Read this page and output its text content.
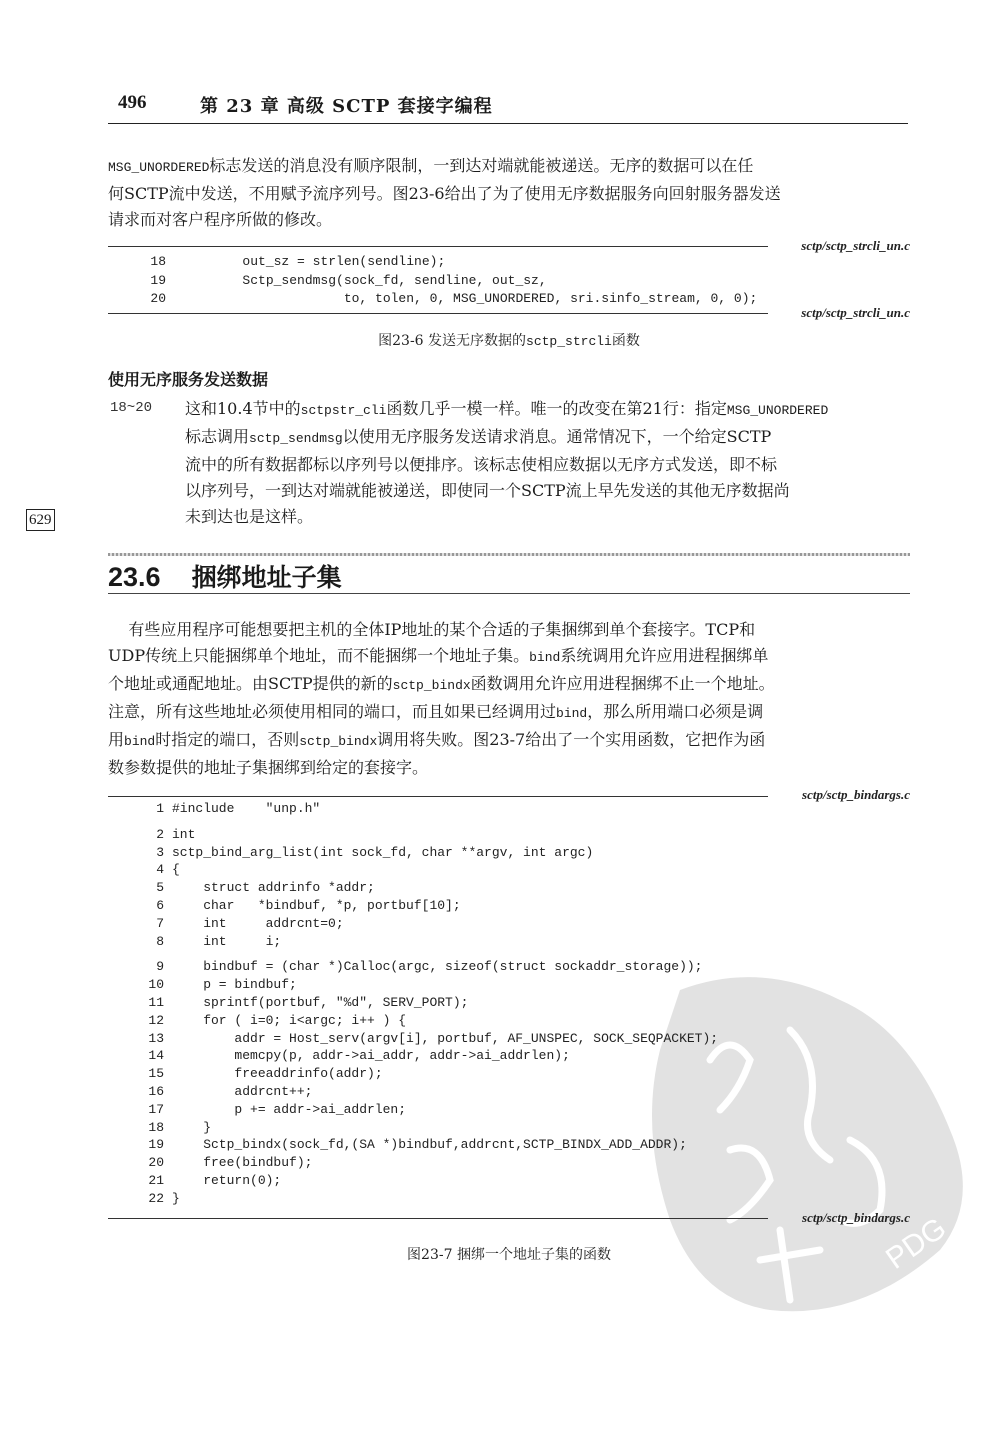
496	第 23 章 高级 SCTP 套接字编程
MSG_UNORDERED标志发送的消息没有顺序限制，一到达对端就能被递送。无序的数据可以在任
何SCTP流中发送，不用赋予流序列号。图23-6给出了为了使用无序数据服务向回射服务器发送
请求而对客户程序所做的修改。
sctp/sctp_strcli_un.c
18        out_sz = strlen(sendline);
19        Sctp_sendmsg(sock_fd, sendline, out_sz,
20                     to, tolen, 0, MSG_UNORDERED, sri.sinfo_stream, 0, 0);
sctp/sctp_strcli_un.c
图23-6 发送无序数据的sctp_strcli函数
使用无序服务发送数据
18~20 这和10.4节中的sctpstr_cli函数几乎一模一样。唯一的改变在第21行：指定MSG_UNORDERED
标志调用sctp_sendmsg以使用无序服务发送请求消息。通常情况下，一个给定SCTP
流中的所有数据都标以序列号以便排序。该标志使相应数据以无序方式发送，即不标
以序列号，一到达对端就能被递送，即使同一个SCTP流上早先发送的其他无序数据尚
未到达也是这样。
629
23.6 捆绑地址子集
有些应用程序可能想要把主机的全体IP地址的某个合适的子集捆绑到单个套接字。TCP和
UDP传统上只能捆绑单个地址，而不能捆绑一个地址子集。bind系统调用允许应用进程捆绑单
个地址或通配地址。由SCTP提供的新的sctp_bindx函数调用允许应用进程捆绑不止一个地址。
注意，所有这些地址必须使用相同的端口，而且如果已经调用过bind，那么所用端口必须是调
用bind时指定的端口，否则sctp_bindx调用将失败。图23-7给出了一个实用函数，它把作为函
数参数提供的地址子集捆绑到给定的套接字。
PDG
sctp/sctp_bindargs.c
1 #include    "unp.h"
2 int
3 sctp_bind_arg_list(int sock_fd, char **argv, int argc)
4 {
5    struct addrinfo *addr;
6    char   *bindbuf, *p, portbuf[10];
7    int     addrcnt=0;
8    int     i;
9    bindbuf = (char *)Calloc(argc, sizeof(struct sockaddr_storage));
10    p = bindbuf;
11    sprintf(portbuf, "%d", SERV_PORT);
12    for ( i=0; i<argc; i++ ) {
13        addr = Host_serv(argv[i], portbuf, AF_UNSPEC, SOCK_SEQPACKET);
14        memcpy(p, addr->ai_addr, addr->ai_addrlen);
15        freeaddrinfo(addr);
16        addrcnt++;
17        p += addr->ai_addrlen;
18    }
19    Sctp_bindx(sock_fd,(SA *)bindbuf,addrcnt,SCTP_BINDX_ADD_ADDR);
20    free(bindbuf);
21    return(0);
22 }
sctp/sctp_bindargs.c
图23-7 捆绑一个地址子集的函数
